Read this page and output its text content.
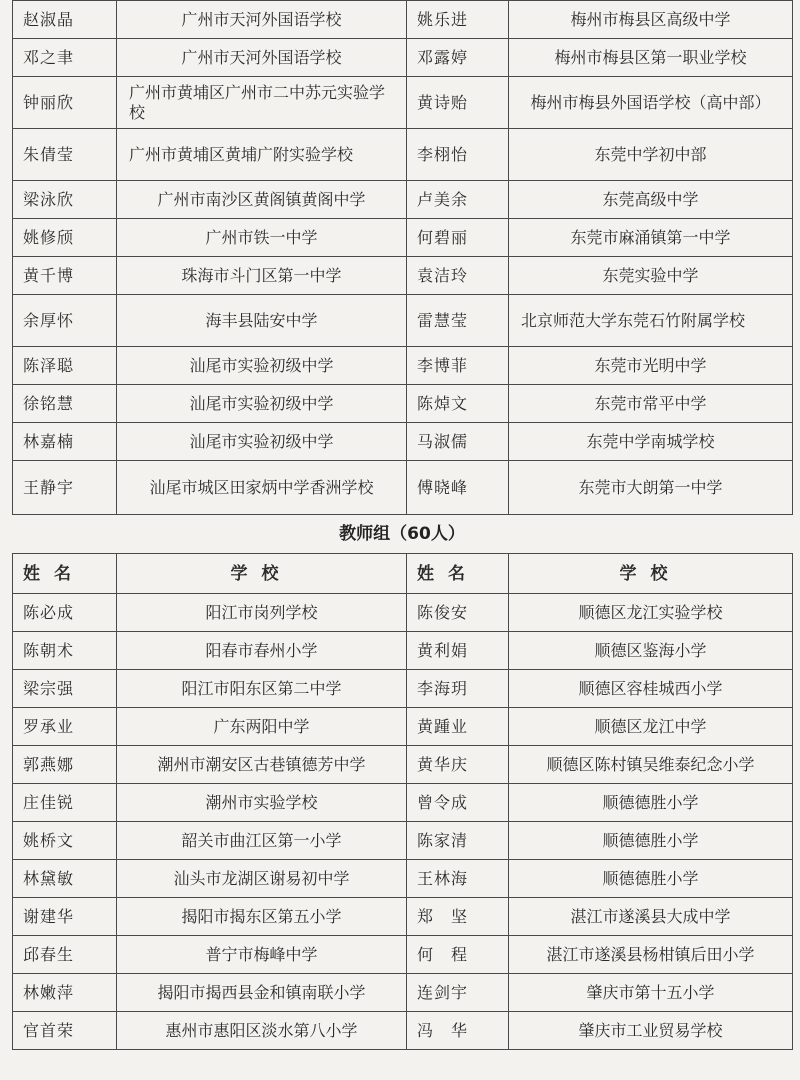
赵淑晶	广州市天河外国语学校	姚乐进	梅州市梅县区高级中学
邓之聿	广州市天河外国语学校	邓露婷	梅州市梅县区第一职业学校
钟丽欣	广州市黄埔区广州市二中苏元实验学校	黄诗贻	梅州市梅县外国语学校（高中部）
朱倩莹	广州市黄埔区黄埔广附实验学校	李栩怡	东莞中学初中部
梁泳欣	广州市南沙区黄阁镇黄阁中学	卢美余	东莞高级中学
姚修颀	广州市铁一中学	何碧丽	东莞市麻涌镇第一中学
黄千博	珠海市斗门区第一中学	袁洁玲	东莞实验中学
余厚怀	海丰县陆安中学	雷慧莹	北京师范大学东莞石竹附属学校
陈泽聪	汕尾市实验初级中学	李博菲	东莞市光明中学
徐铭慧	汕尾市实验初级中学	陈焯文	东莞市常平中学
林嘉楠	汕尾市实验初级中学	马淑儒	东莞中学南城学校
王静宇	汕尾市城区田家炳中学香洲学校	傅晓峰	东莞市大朗第一中学
教师组（60人）
姓名	学校	姓名	学校
陈必成	阳江市岗列学校	陈俊安	顺德区龙江实验学校
陈朝术	阳春市春州小学	黄利娟	顺德区鉴海小学
梁宗强	阳江市阳东区第二中学	李海玥	顺德区容桂城西小学
罗承业	广东两阳中学	黄踵业	顺德区龙江中学
郭燕娜	潮州市潮安区古巷镇德芳中学	黄华庆	顺德区陈村镇吴维泰纪念小学
庄佳锐	潮州市实验学校	曾令成	顺德德胜小学
姚桥文	韶关市曲江区第一小学	陈家清	顺德德胜小学
林黛敏	汕头市龙湖区谢易初中学	王林海	顺德德胜小学
谢建华	揭阳市揭东区第五小学	郑　坚	湛江市遂溪县大成中学
邱春生	普宁市梅峰中学	何　程	湛江市遂溪县杨柑镇后田小学
林嫩萍	揭阳市揭西县金和镇南联小学	连剑宇	肇庆市第十五小学
官首荣	惠州市惠阳区淡水第八小学	冯　华	肇庆市工业贸易学校
